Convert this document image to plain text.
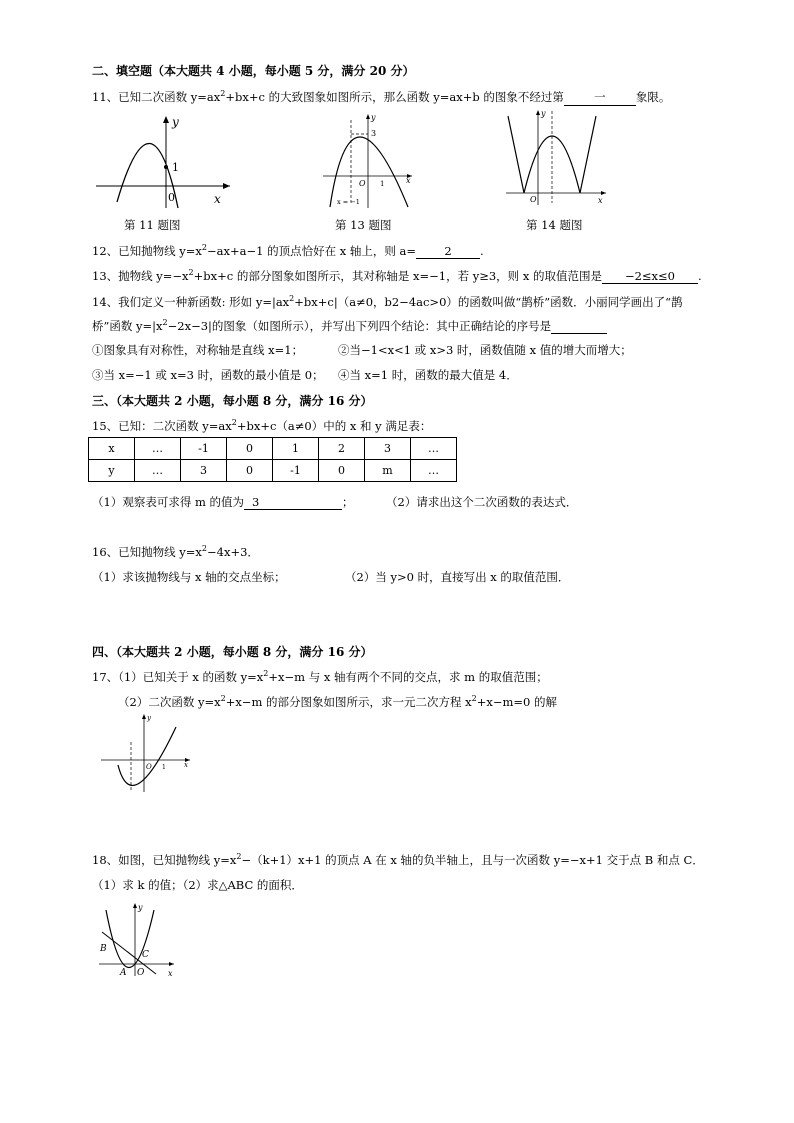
二、填空题（本大题共 4 小题，每小题 5 分，满分 20 分）
11、已知二次函数 $y=ax^2+bx+c$ 的大致图象如图所示，那么函数 y=ax+b 的图象不经过第	一	象限。
y
1
0	x
第 11 题图
y
3
O 1	x
x = −1
第 13 题图
y
O	x
第 14 题图
12、已知抛物线 $y=x^2-ax+a-1$ 的顶点恰好在 x 轴上，则 a= 2 .
13、抛物线 $y=-x^2+bx+c$ 的部分图象如图所示，其对称轴是 x=−1，若 y≥3，则 x 的取值范围是 −2≤x≤0 .
14、我们定义一种新函数: 形如 $y=|ax^2+bx+c|(a\ne 0$，b2−4ac>0）的函数叫做“鹊桥”函数．小丽同学画出了“鹊
桥”函数 $y=|x^2-2x-3|$的图象（如图所示），并写出下列四个结论：其中正确结论的序号是
①图象具有对称性，对称轴是直线 x=1；	②当−1<x<1 或 x>3 时，函数值随 x 值的增大而增大；
③当 x=−1 或 x=3 时，函数的最小值是 0； ④当 x=1 时，函数的最大值是 4．
三、（本大题共 2 小题，每小题 8 分，满分 16 分）
15、已知：二次函数 $y=ax^2+bx+c(a\ne 0)$中的 x 和 y 满足表：
x	…	-1	0	1	2	3	…
y	…	3	0	-1	0	m	…
（1）观察表可求得 m 的值为 3	；	（2）请求出这个二次函数的表达式．
16、已知抛物线 $y=x^2-4x+3$．
（1）求该抛物线与 x 轴的交点坐标；	（2）当 y>0 时，直接写出 x 的取值范围．
四、（本大题共 2 小题，每小题 8 分，满分 16 分）
17、（1）已知关于 x 的函数 $y=x^2+x-m$ 与 x 轴有两个不同的交点，求 m 的取值范围；
（2）二次函数 $y=x^2+x-m$ 的部分图象如图所示，求一元二次方程 $x^2+x-m=0$ 的解
y
O 1	x
18、如图，已知抛物线 $y=x^2-(k+1)x+1$ 的顶点 A 在 x 轴的负半轴上，且与一次函数 y=−x+1 交于点 B 和点 C．
（1）求 k 的值；（2）求△ABC 的面积．
y
B
C
A O	x
